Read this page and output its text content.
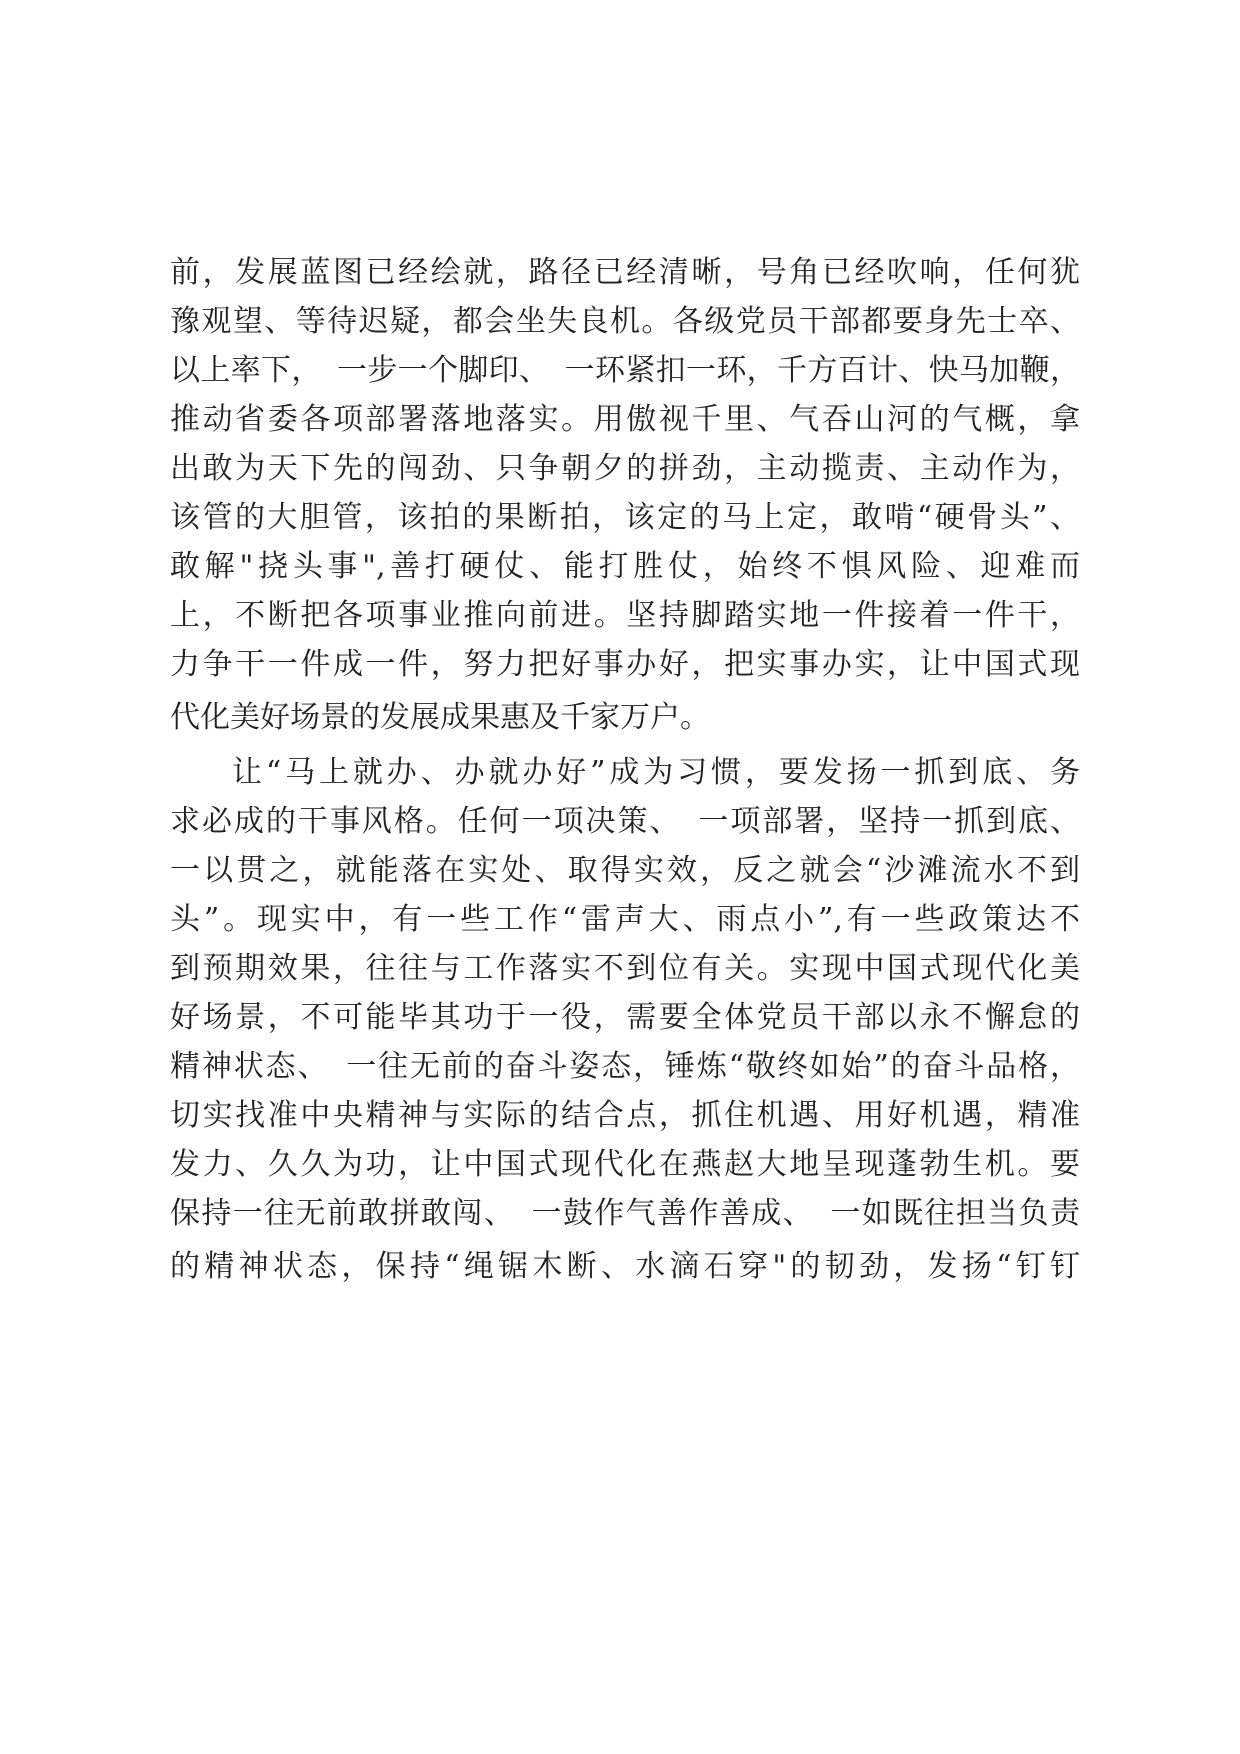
前，发展蓝图已经绘就，路径已经清晰，号角已经吹响，任何犹
豫观望、等待迟疑，都会坐失良机。各级党员干部都要身先士卒、
以上率下，　一步一个脚印、　一环紧扣一环，千方百计、快马加鞭，
推动省委各项部署落地落实。用傲视千里、气吞山河的气概，拿
出敢为天下先的闯劲、只争朝夕的拼劲，主动揽责、主动作为，
该管的大胆管，该拍的果断拍，该定的马上定，敢啃“硬骨头”、
敢解"挠头事",善打硬仗、能打胜仗，始终不惧风险、迎难而
上，不断把各项事业推向前进。坚持脚踏实地一件接着一件干，
力争干一件成一件，努力把好事办好，把实事办实，让中国式现
代化美好场景的发展成果惠及千家万户。
让“马上就办、办就办好”成为习惯，要发扬一抓到底、务
求必成的干事风格。任何一项决策、　一项部署，坚持一抓到底、
一以贯之，就能落在实处、取得实效，反之就会“沙滩流水不到
头”。现实中，有一些工作“雷声大、雨点小”,有一些政策达不
到预期效果，往往与工作落实不到位有关。实现中国式现代化美
好场景，不可能毕其功于一役，需要全体党员干部以永不懈怠的
精神状态、　一往无前的奋斗姿态，锤炼“敬终如始”的奋斗品格，
切实找准中央精神与实际的结合点，抓住机遇、用好机遇，精准
发力、久久为功，让中国式现代化在燕赵大地呈现蓬勃生机。要
保持一往无前敢拼敢闯、　一鼓作气善作善成、　一如既往担当负责
的精神状态，保持“绳锯木断、水滴石穿"的韧劲，发扬“钉钉
